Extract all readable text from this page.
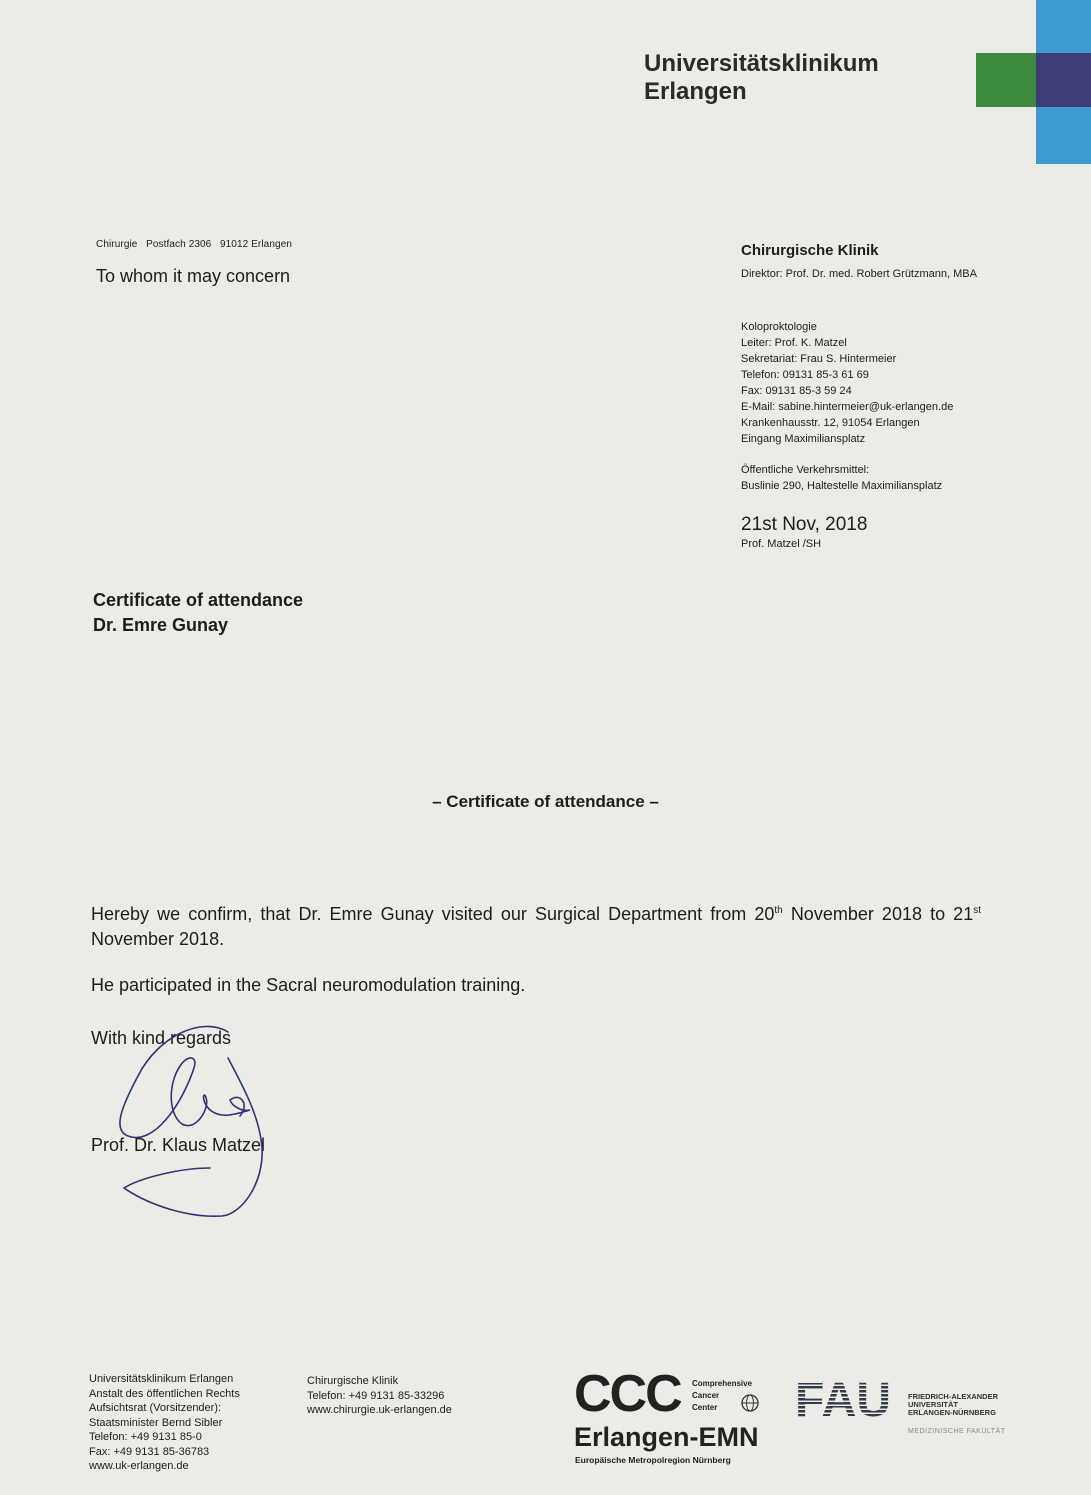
Universitätsklinikum
Erlangen
Chirurgie   Postfach 2306   91012 Erlangen
To whom it may concern
Chirurgische Klinik
Direktor: Prof. Dr. med. Robert Grützmann, MBA
Koloproktologie
Leiter: Prof. K. Matzel
Sekretariat: Frau S. Hintermeier
Telefon: 09131 85-3 61 69
Fax: 09131 85-3 59 24
E-Mail: sabine.hintermeier@uk-erlangen.de
Krankenhausstr. 12, 91054 Erlangen
Eingang Maximiliansplatz
Öffentliche Verkehrsmittel:
Buslinie 290, Haltestelle Maximiliansplatz
21st Nov, 2018
Prof. Matzel /SH
Certificate of attendance
Dr. Emre Gunay
– Certificate of attendance –
Hereby we confirm, that Dr. Emre Gunay visited our Surgical Department from 20th November 2018 to 21st November 2018.
He participated in the Sacral neuromodulation training.
With kind regards
Prof. Dr. Klaus Matzel
Universitätsklinikum Erlangen
Anstalt des öffentlichen Rechts
Aufsichtsrat (Vorsitzender):
Staatsminister Bernd Sibler
Telefon: +49 9131 85-0
Fax: +49 9131 85-36783
www.uk-erlangen.de
Chirurgische Klinik
Telefon: +49 9131 85-33296
www.chirurgie.uk-erlangen.de CCC Comprehensive
Cancer
Center
Erlangen-EMN
Europäische Metropolregion Nürnberg
FAU FRIEDRICH-ALEXANDER
UNIVERSITÄT
ERLANGEN-NÜRNBERG
MEDIZINISCHE FAKULTÄT
